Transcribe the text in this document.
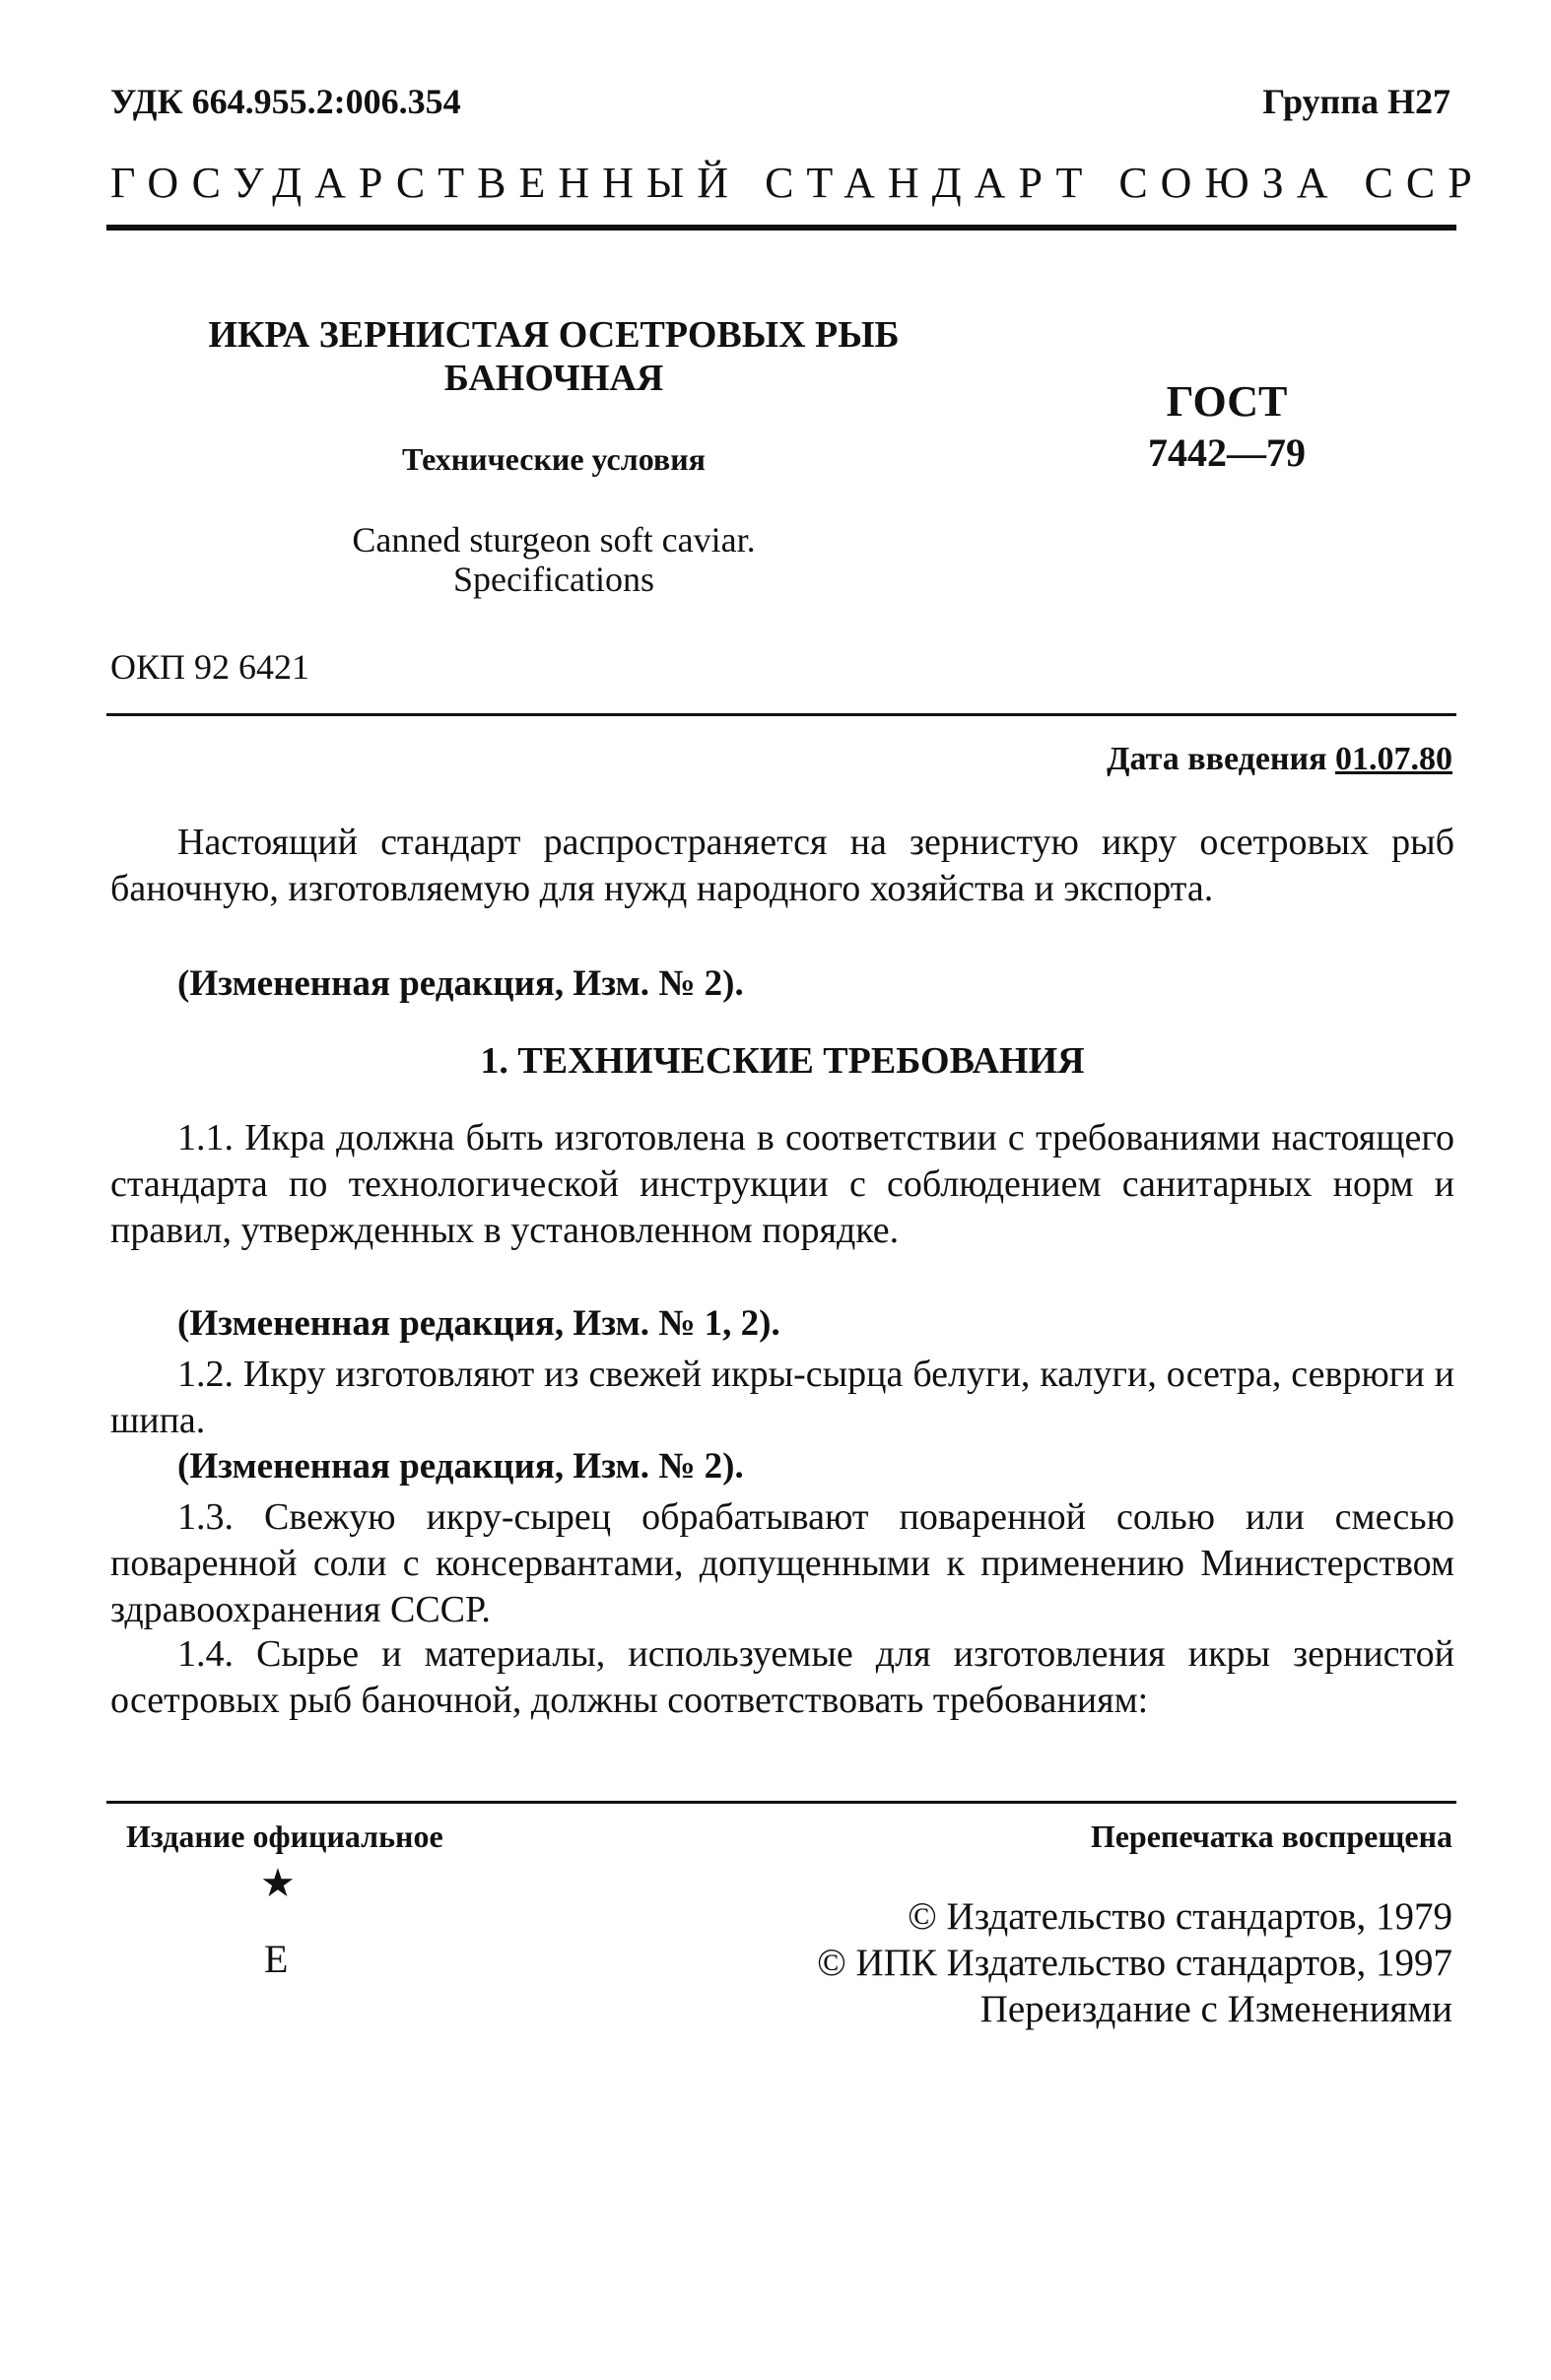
УДК 664.955.2:006.354	Группа Н27
ГОСУДАРСТВЕННЫЙ СТАНДАРТ СОЮЗА ССР
ИКРА ЗЕРНИСТАЯ ОСЕТРОВЫХ РЫБ
БАНОЧНАЯ
Технические условия
ГОСТ
7442—79
Canned sturgeon soft caviar.
Specifications
ОКП 92 6421
Дата введения 01.07.80
Настоящий стандарт распространяется на зернистую икру осетровых рыб баночную, изготовляемую для нужд народного хозяйства и экспорта.
(Измененная редакция, Изм. № 2).
1. ТЕХНИЧЕСКИЕ ТРЕБОВАНИЯ
1.1. Икра должна быть изготовлена в соответствии с требованиями настоящего стандарта по технологической инструкции с соблюдением санитарных норм и правил, утвержденных в установленном порядке.
(Измененная редакция, Изм. № 1, 2).
1.2. Икру изготовляют из свежей икры-сырца белуги, калуги, осетра, севрюги и шипа.
(Измененная редакция, Изм. № 2).
1.3. Свежую икру-сырец обрабатывают поваренной солью или смесью поваренной соли с консервантами, допущенными к применению Министерством здравоохранения СССР.
1.4. Сырье и материалы, используемые для изготовления икры зернистой осетровых рыб баночной, должны соответствовать требованиям:
Издание официальное	Перепечатка воспрещена
★
Е
© Издательство стандартов, 1979
© ИПК Издательство стандартов, 1997
Переиздание с Изменениями
